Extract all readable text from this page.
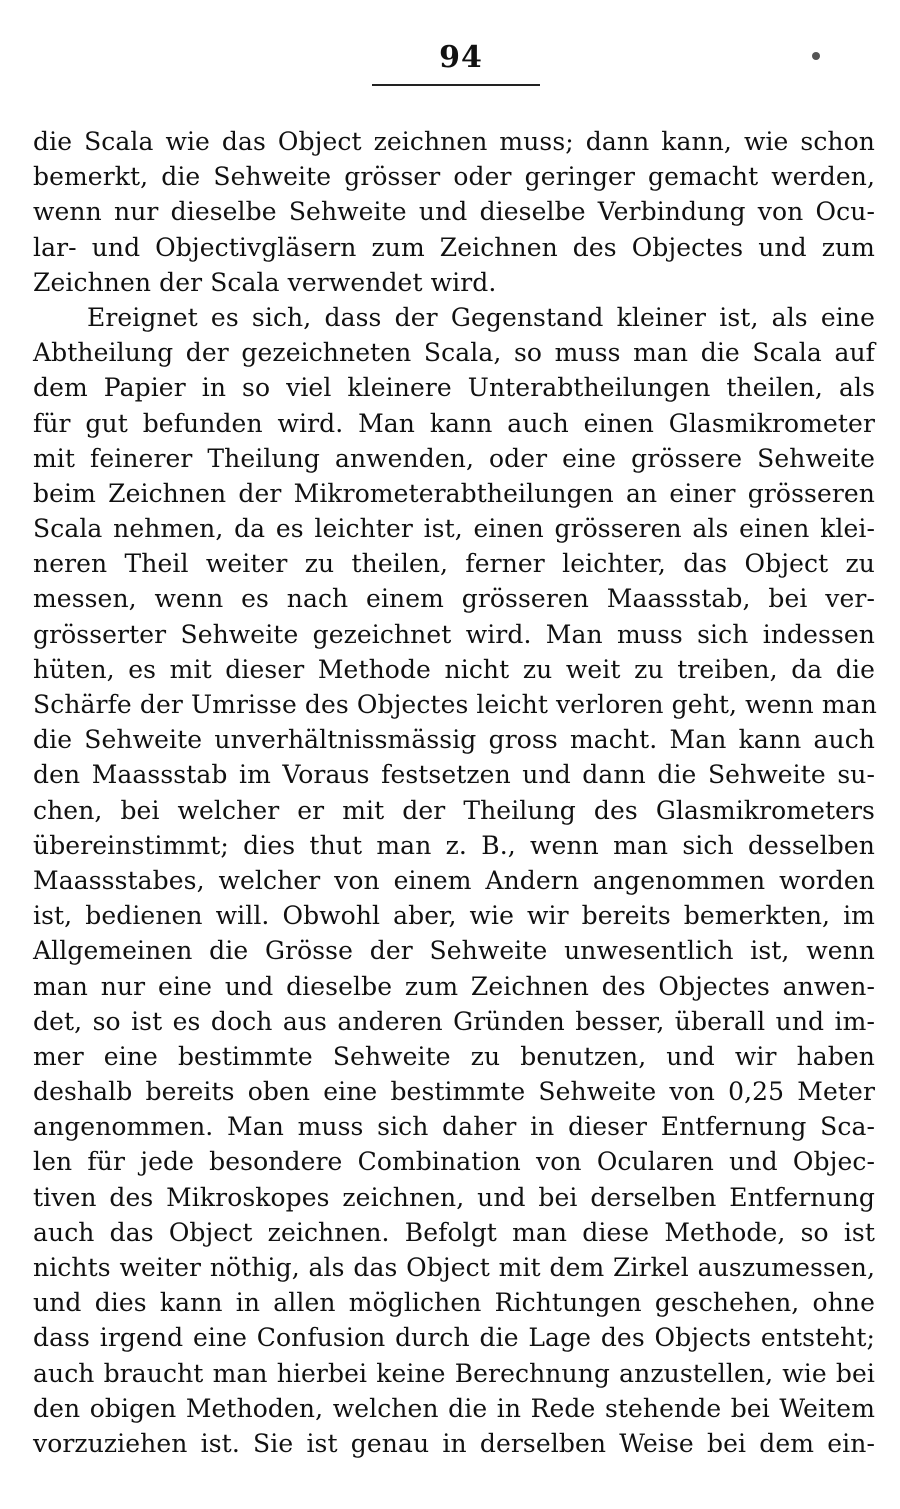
94
die Scala wie das Object zeichnen muss; dann kann, wie schon
bemerkt, die Sehweite grösser oder geringer gemacht werden,
wenn nur dieselbe Sehweite und dieselbe Verbindung von Ocu-
lar- und Objectivgläsern zum Zeichnen des Objectes und zum
Zeichnen der Scala verwendet wird.
Ereignet es sich, dass der Gegenstand kleiner ist, als eine
Abtheilung der gezeichneten Scala, so muss man die Scala auf
dem Papier in so viel kleinere Unterabtheilungen theilen, als
für gut befunden wird. Man kann auch einen Glasmikrometer
mit feinerer Theilung anwenden, oder eine grössere Sehweite
beim Zeichnen der Mikrometerabtheilungen an einer grösseren
Scala nehmen, da es leichter ist, einen grösseren als einen klei-
neren Theil weiter zu theilen, ferner leichter, das Object zu
messen, wenn es nach einem grösseren Maassstab, bei ver-
grösserter Sehweite gezeichnet wird. Man muss sich indessen
hüten, es mit dieser Methode nicht zu weit zu treiben, da die
Schärfe der Umrisse des Objectes leicht verloren geht, wenn man
die Sehweite unverhältnissmässig gross macht. Man kann auch
den Maassstab im Voraus festsetzen und dann die Sehweite su-
chen, bei welcher er mit der Theilung des Glasmikrometers
übereinstimmt; dies thut man z. B., wenn man sich desselben
Maassstabes, welcher von einem Andern angenommen worden
ist, bedienen will. Obwohl aber, wie wir bereits bemerkten, im
Allgemeinen die Grösse der Sehweite unwesentlich ist, wenn
man nur eine und dieselbe zum Zeichnen des Objectes anwen-
det, so ist es doch aus anderen Gründen besser, überall und im-
mer eine bestimmte Sehweite zu benutzen, und wir haben
deshalb bereits oben eine bestimmte Sehweite von 0,25 Meter
angenommen. Man muss sich daher in dieser Entfernung Sca-
len für jede besondere Combination von Ocularen und Objec-
tiven des Mikroskopes zeichnen, und bei derselben Entfernung
auch das Object zeichnen. Befolgt man diese Methode, so ist
nichts weiter nöthig, als das Object mit dem Zirkel auszumessen,
und dies kann in allen möglichen Richtungen geschehen, ohne
dass irgend eine Confusion durch die Lage des Objects entsteht;
auch braucht man hierbei keine Berechnung anzustellen, wie bei
den obigen Methoden, welchen die in Rede stehende bei Weitem
vorzuziehen ist. Sie ist genau in derselben Weise bei dem ein-
